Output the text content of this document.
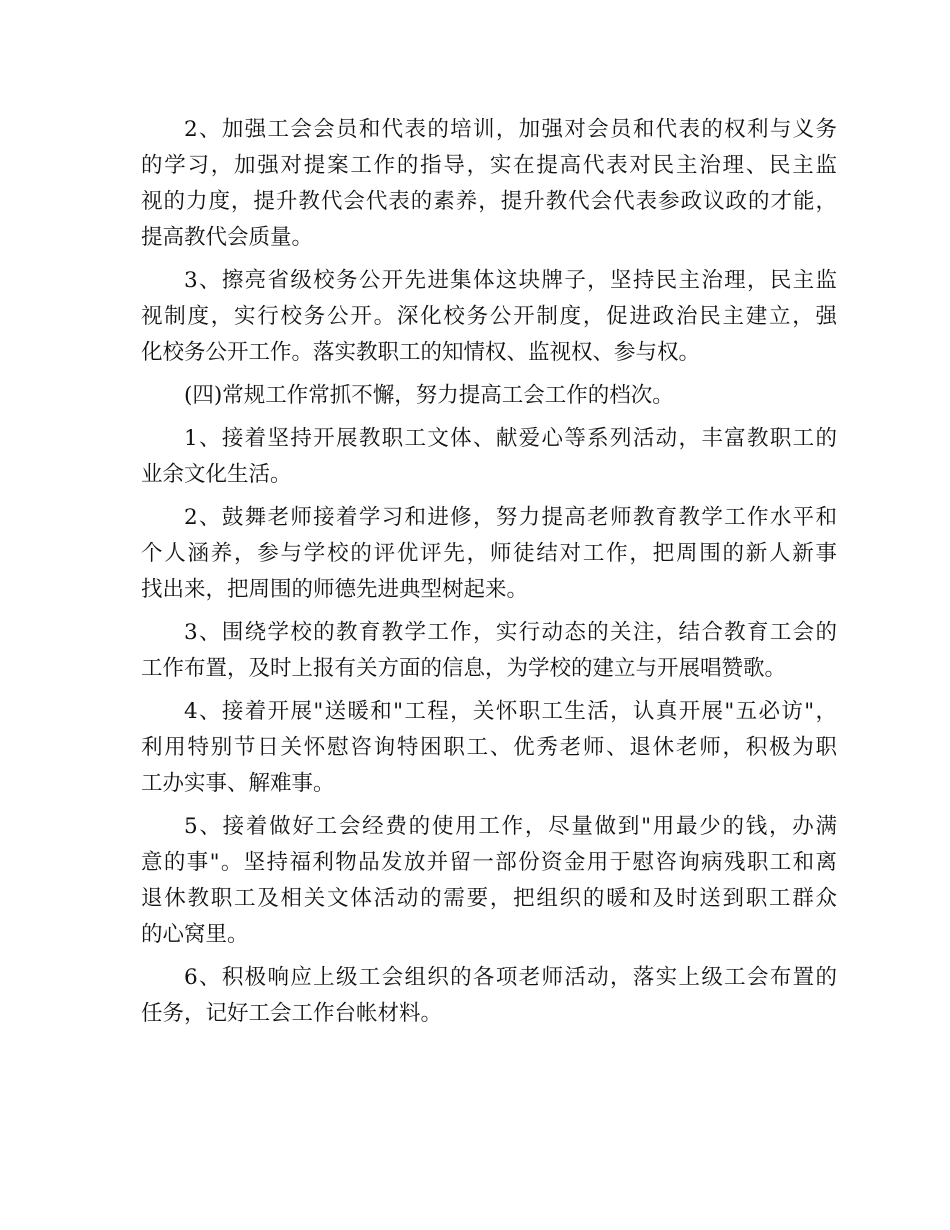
2、加强工会会员和代表的培训，加强对会员和代表的权利与义务
的学习，加强对提案工作的指导，实在提高代表对民主治理、民主监
视的力度，提升教代会代表的素养，提升教代会代表参政议政的才能，
提高教代会质量。
3、擦亮省级校务公开先进集体这块牌子，坚持民主治理，民主监
视制度，实行校务公开。深化校务公开制度，促进政治民主建立，强
化校务公开工作。落实教职工的知情权、监视权、参与权。
(四)常规工作常抓不懈，努力提高工会工作的档次。
1、接着坚持开展教职工文体、献爱心等系列活动，丰富教职工的
业余文化生活。
2、鼓舞老师接着学习和进修，努力提高老师教育教学工作水平和
个人涵养，参与学校的评优评先，师徒结对工作，把周围的新人新事
找出来，把周围的师德先进典型树起来。
3、围绕学校的教育教学工作，实行动态的关注，结合教育工会的
工作布置，及时上报有关方面的信息，为学校的建立与开展唱赞歌。
4、接着开展"送暖和"工程，关怀职工生活，认真开展"五必访"，
利用特别节日关怀慰咨询特困职工、优秀老师、退休老师，积极为职
工办实事、解难事。
5、接着做好工会经费的使用工作，尽量做到"用最少的钱，办满
意的事"。坚持福利物品发放并留一部份资金用于慰咨询病残职工和离
退休教职工及相关文体活动的需要，把组织的暖和及时送到职工群众
的心窝里。
6、积极响应上级工会组织的各项老师活动，落实上级工会布置的
任务，记好工会工作台帐材料。
